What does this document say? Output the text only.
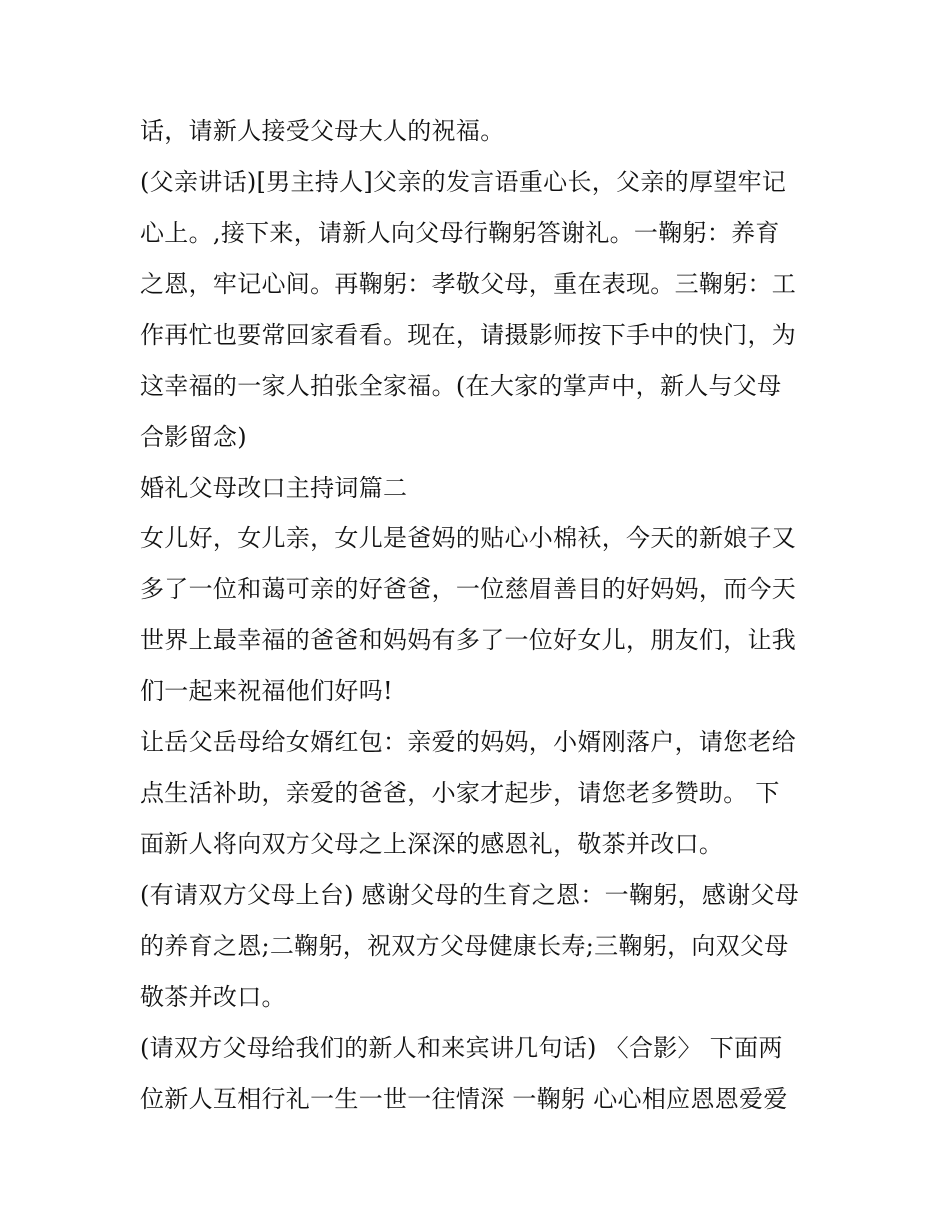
话，请新人接受父母大人的祝福。
(父亲讲话)[男主持人]父亲的发言语重心长，父亲的厚望牢记
心上。,接下来，请新人向父母行鞠躬答谢礼。一鞠躬：养育
之恩，牢记心间。再鞠躬：孝敬父母，重在表现。三鞠躬：工
作再忙也要常回家看看。现在，请摄影师按下手中的快门，为
这幸福的一家人拍张全家福。(在大家的掌声中，新人与父母
合影留念)
婚礼父母改口主持词篇二
女儿好，女儿亲，女儿是爸妈的贴心小棉袄，今天的新娘子又
多了一位和蔼可亲的好爸爸，一位慈眉善目的好妈妈，而今天
世界上最幸福的爸爸和妈妈有多了一位好女儿，朋友们，让我
们一起来祝福他们好吗!
让岳父岳母给女婿红包：亲爱的妈妈，小婿刚落户，请您老给
点生活补助，亲爱的爸爸，小家才起步，请您老多赞助。 下
面新人将向双方父母之上深深的感恩礼，敬茶并改口。
(有请双方父母上台) 感谢父母的生育之恩：一鞠躬，感谢父母
的养育之恩;二鞠躬，祝双方父母健康长寿;三鞠躬，向双父母
敬茶并改口。
(请双方父母给我们的新人和来宾讲几句话) 〈合影〉 下面两
位新人互相行礼一生一世一往情深 一鞠躬 心心相应恩恩爱爱
